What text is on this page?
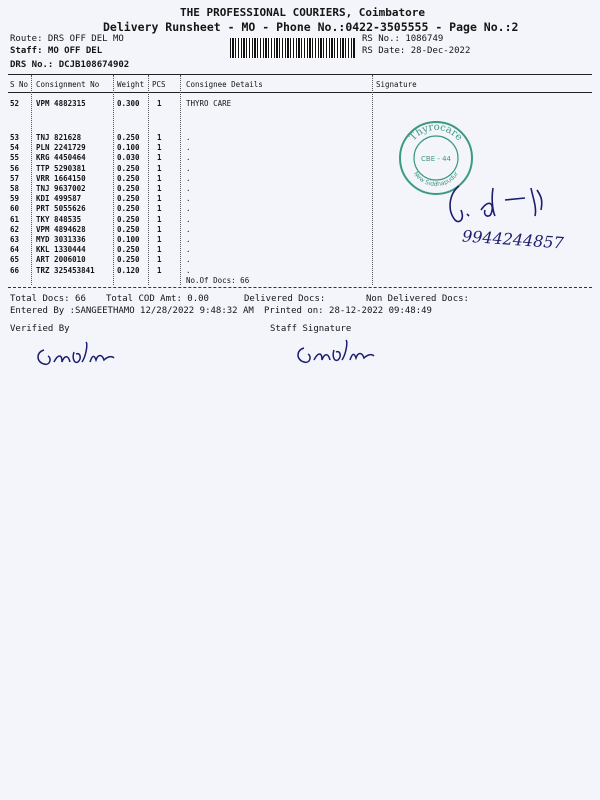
THE PROFESSIONAL COURIERS, Coimbatore
Delivery Runsheet - MO - Phone No.:0422-3505555 - Page No.:2
Route: DRS OFF DEL MO
Staff: MO OFF DEL
DRS No.: DCJB108674902
RS No.: 1086749
RS Date: 28-Dec-2022
S No Consignment No Weight PCS	Consignee Details	Signature
52 VPM 4882315	0.300 1	THYRO CARE
53 TNJ 821628	0.250 1	.
54 PLN 2241729	0.100 1	.
55 KRG 4450464	0.030 1	.
56 TTP 5290381	0.250 1	.
57 VRR 1664150	0.250 1	.
58 TNJ 9637002	0.250 1	.
59 KDI 499587	0.250 1	.
60 PRT 5055626	0.250 1	.
61 TKY 848535	0.250 1	.
62 VPM 4894628	0.250 1	.
63 MYD 3031336	0.100 1	.
64 KKL 1330444	0.250 1	.
65 ART 2006010	0.250 1	.
66 TRZ 325453841	0.120 1	.
No.Of Docs: 66
Thyrocare
CBE - 44
New Siddhapudur
9944244857
Total Docs: 66 Total COD Amt: 0.00	Delivered Docs:	Non Delivered Docs:
Entered By :SANGEETHAMO 12/28/2022 9:48:32 AM Printed on: 28-12-2022 09:48:49
Verified By	Staff Signature
